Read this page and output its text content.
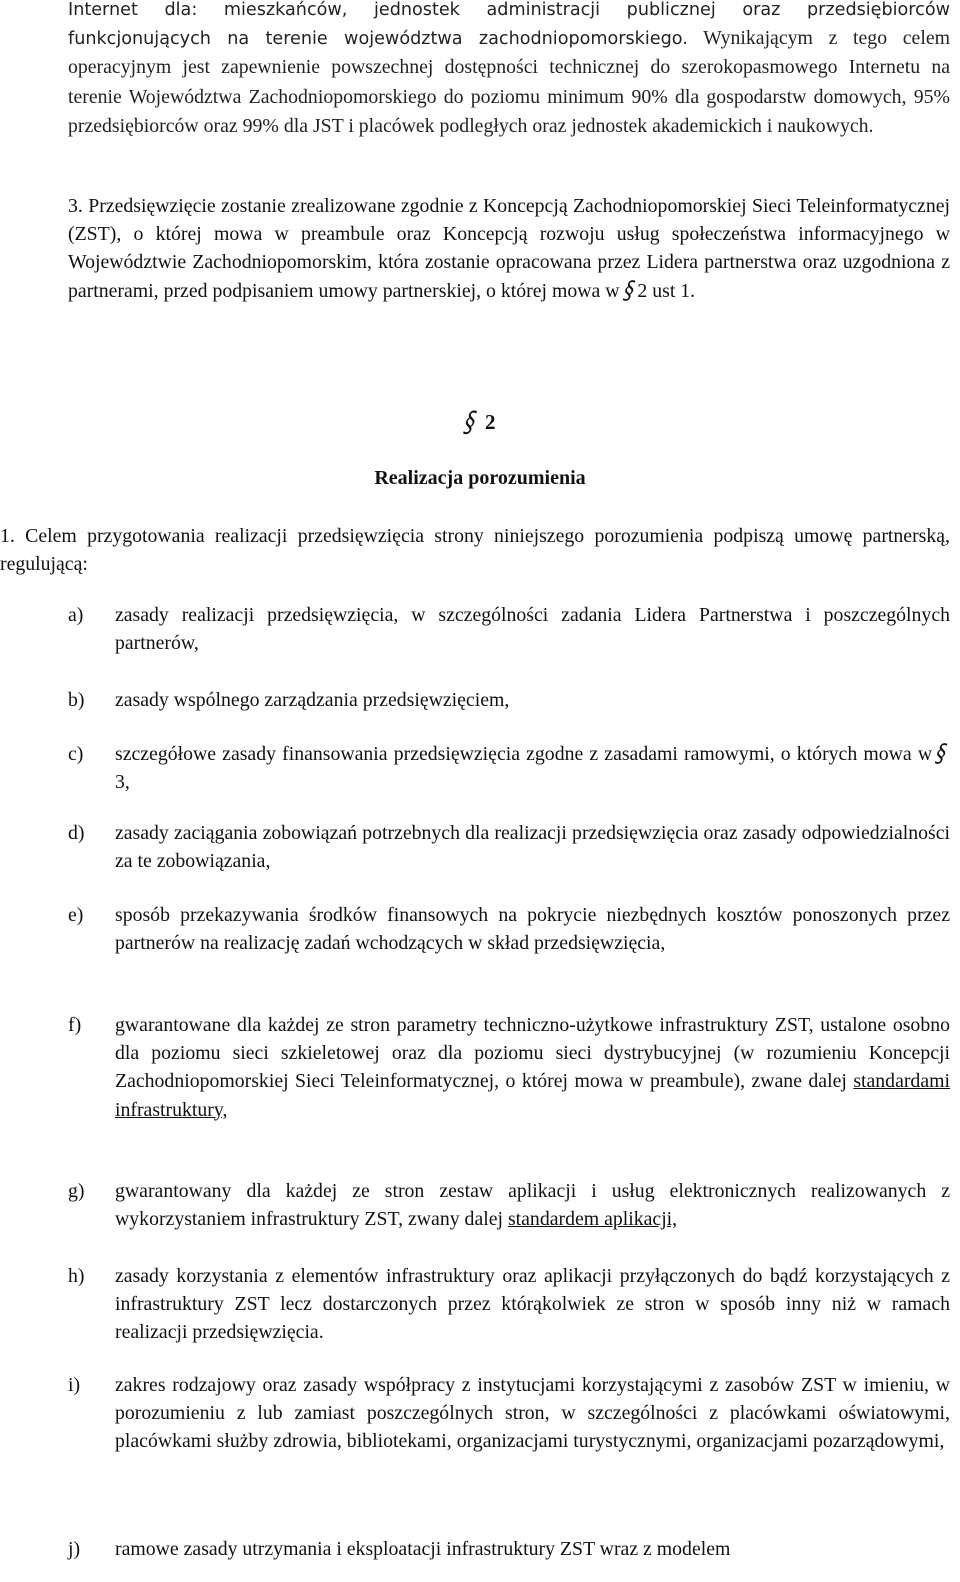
Internet dla: mieszkańców, jednostek administracji publicznej oraz przedsiębiorców funkcjonujących na terenie województwa zachodniopomorskiego. Wynikającym z tego celem operacyjnym jest zapewnienie powszechnej dostępności technicznej do szerokopasmowego Internetu na terenie Województwa Zachodniopomorskiego do poziomu minimum 90% dla gospodarstw domowych, 95% przedsiębiorców oraz 99% dla JST i placówek podległych oraz jednostek akademickich i naukowych.

3. Przedsięwzięcie zostanie zrealizowane zgodnie z Koncepcją Zachodniopomorskiej Sieci Teleinformatycznej (ZST), o której mowa w preambule oraz Koncepcją rozwoju usług społeczeństwa informacyjnego w Województwie Zachodniopomorskim, która zostanie opracowana przez Lidera partnerstwa oraz uzgodniona z partnerami, przed podpisaniem umowy partnerskiej, o której mowa w§2 ust 1.

§ 2

Realizacja porozumienia

1. Celem przygotowania realizacji przedsięwzięcia strony niniejszego porozumienia podpiszą umowę partnerską, regulującą:

a)	zasady realizacji przedsięwzięcia, w szczególności zadania Lidera Partnerstwa i poszczególnych partnerów,
b)	zasady wspólnego zarządzania przedsięwzięciem,
c)	szczegółowe zasady finansowania przedsięwzięcia zgodne z zasadami ramowymi, o których mowa w§3,
d)	zasady zaciągania zobowiązań potrzebnych dla realizacji przedsięwzięcia oraz zasady odpowiedzialności za te zobowiązania,
e)	sposób przekazywania środków finansowych na pokrycie niezbędnych kosztów ponoszonych przez partnerów na realizację zadań wchodzących w skład przedsięwzięcia,
f)	gwarantowane dla każdej ze stron parametry techniczno-użytkowe infrastruktury ZST, ustalone osobno dla poziomu sieci szkieletowej oraz dla poziomu sieci dystrybucyjnej (w rozumieniu Koncepcji Zachodniopomorskiej Sieci Teleinformatycznej, o której mowa w preambule), zwane dalej standardami infrastruktury,
g)	gwarantowany dla każdej ze stron zestaw aplikacji i usług elektronicznych realizowanych z wykorzystaniem infrastruktury ZST, zwany dalej standardem aplikacji,
h)	zasady korzystania z elementów infrastruktury oraz aplikacji przyłączonych do bądź korzystających z infrastruktury ZST lecz dostarczonych przez którąkolwiek ze stron w sposób inny niż w ramach realizacji przedsięwzięcia.
i)	zakres rodzajowy oraz zasady współpracy z instytucjami korzystającymi z zasobów ZST w imieniu, w porozumieniu z lub zamiast poszczególnych stron, w szczególności z placówkami oświatowymi, placówkami służby zdrowia, bibliotekami, organizacjami turystycznymi, organizacjami pozarządowymi,
j)	ramowe zasady utrzymania i eksploatacji infrastruktury ZST wraz z modelem
